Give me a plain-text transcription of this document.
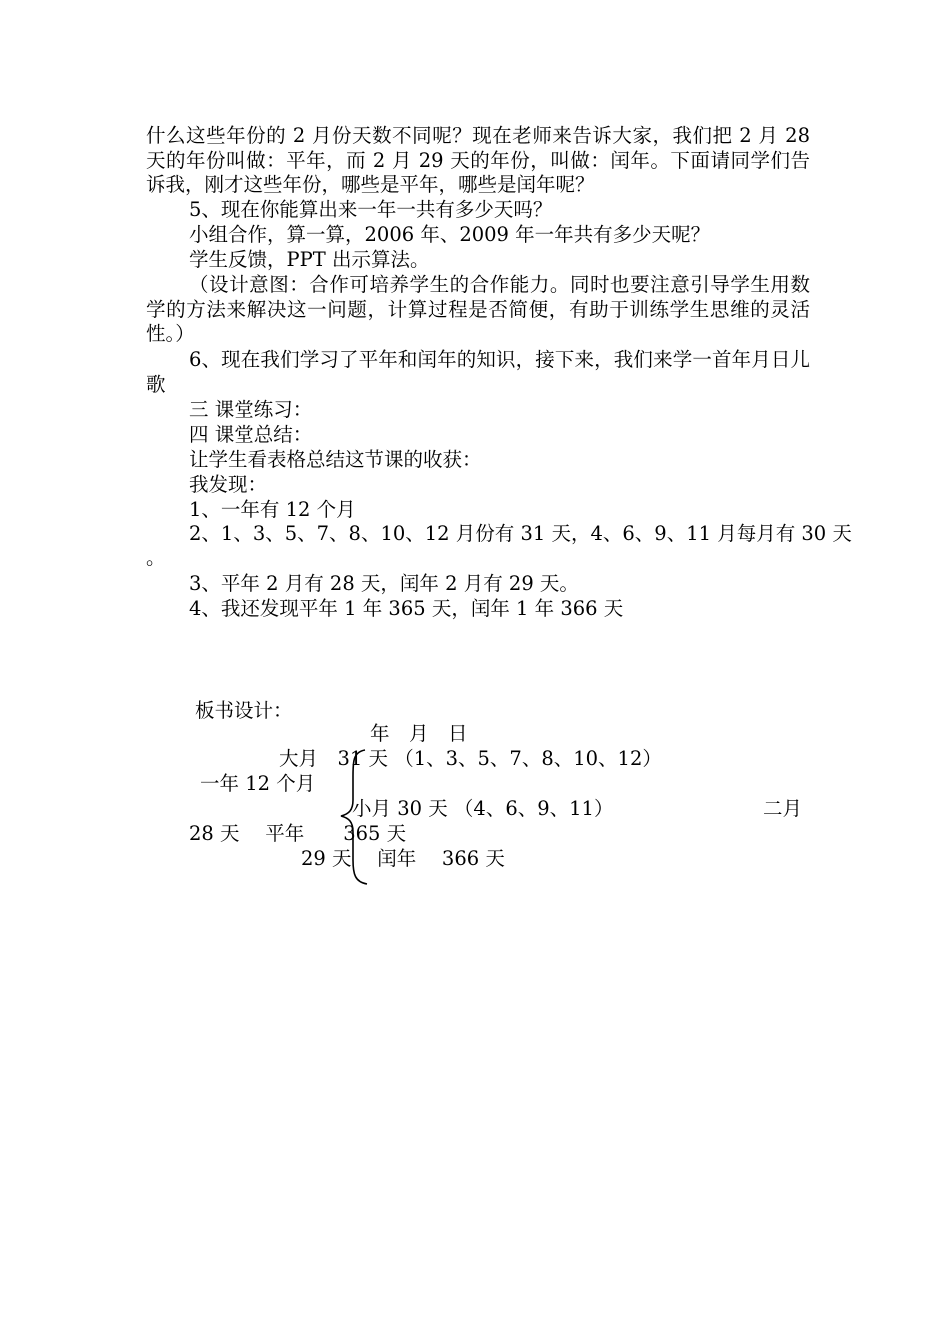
什么这些年份的 2 月份天数不同呢？现在老师来告诉大家，我们把 2 月 28 天的年份叫做：平年，而 2 月 29 天的年份，叫做：闰年。下面请同学们告诉我，刚才这些年份，哪些是平年，哪些是闰年呢？
5、现在你能算出来一年一共有多少天吗？
小组合作，算一算，2006 年、2009 年一年共有多少天呢？
学生反馈，PPT 出示算法。
（设计意图：合作可培养学生的合作能力。同时也要注意引导学生用数学的方法来解决这一问题，计算过程是否简便，有助于训练学生思维的灵活性。）
6、现在我们学习了平年和闰年的知识，接下来，我们来学一首年月日儿歌
三 课堂练习：
四 课堂总结：
让学生看表格总结这节课的收获：
我发现：
1、一年有 12 个月
2、1、3、5、7、8、10、12 月份有 31 天，4、6、9、11 月每月有 30 天
。
3、平年 2 月有 28 天，闰年 2 月有 29 天。
4、我还发现平年 1 年 365 天，闰年 1 年 366 天
板书设计：
年　月　日
大月　31 天 （1、3、5、7、8、10、12）
一年 12 个月
小月 30 天 （4、6、9、11）	二月
28 天　 平年　　365 天
29 天　 闰年　 366 天
